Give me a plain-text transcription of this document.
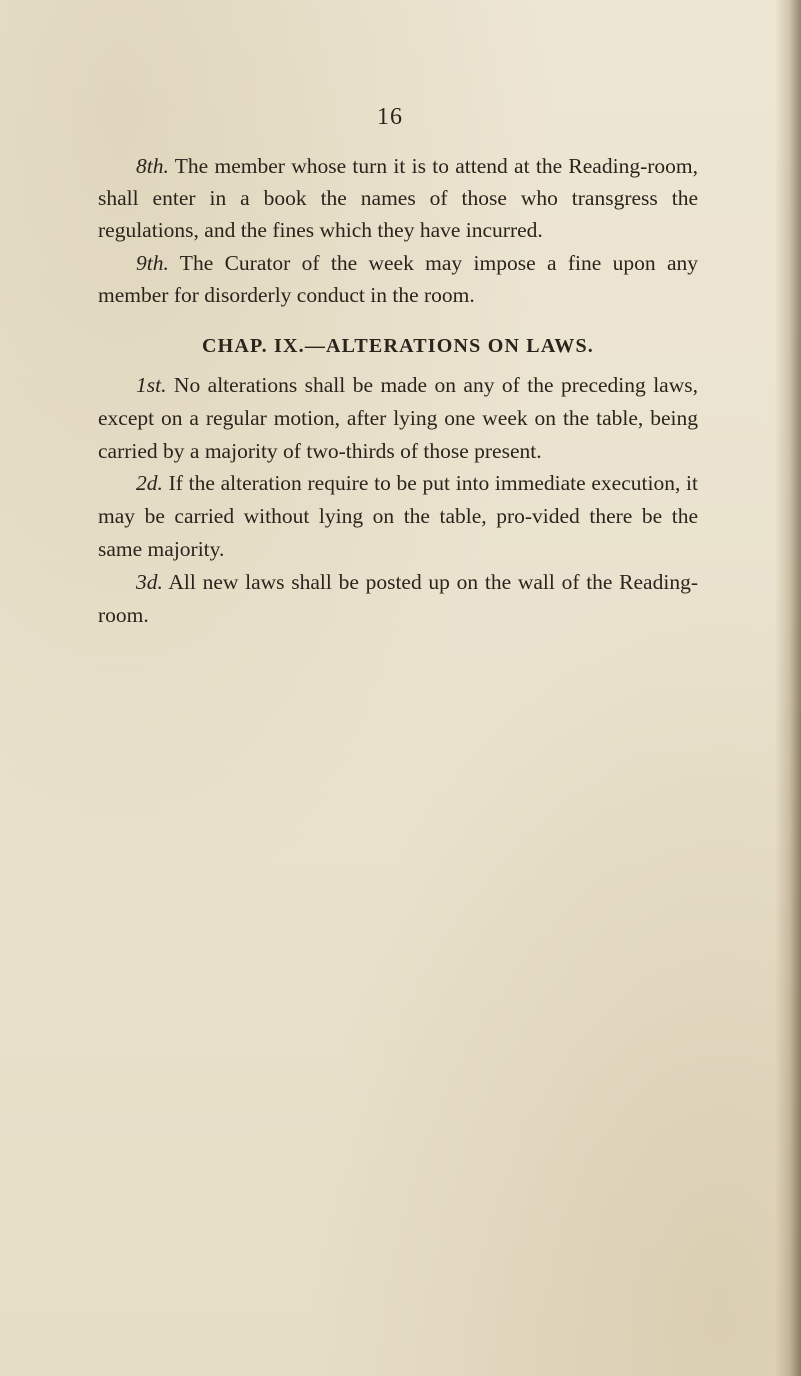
16

8th. The member whose turn it is to attend at the Reading-room, shall enter in a book the names of those who transgress the regulations, and the fines which they have incurred.

9th. The Curator of the week may impose a fine upon any member for disorderly conduct in the room.

CHAP. IX.—ALTERATIONS ON LAWS.

1st. No alterations shall be made on any of the preceding laws, except on a regular motion, after lying one week on the table, being carried by a majority of two-thirds of those present.

2d. If the alteration require to be put into immediate execution, it may be carried without lying on the table, pro-vided there be the same majority.

3d. All new laws shall be posted up on the wall of the Reading-room.
